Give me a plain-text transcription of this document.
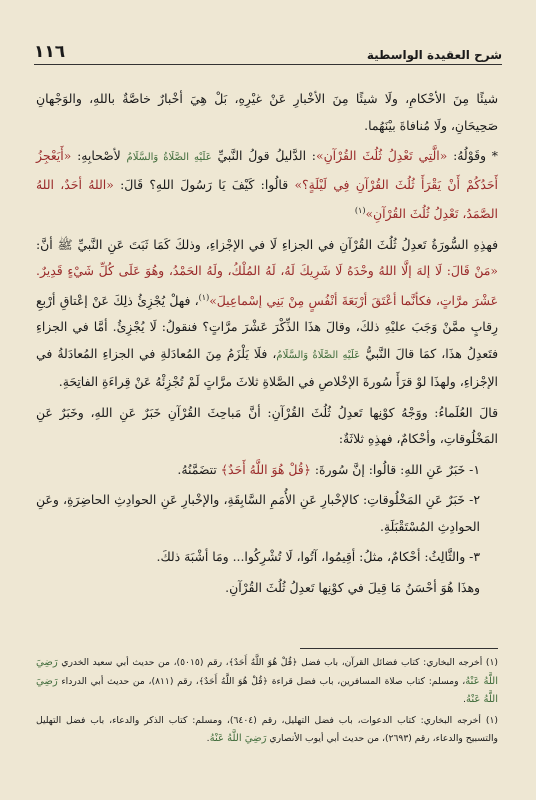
١١٦	شرح العقيدة الواسطية

شيئًا مِنَ الأحْكامِ، ولَا شيئًا مِنَ الأخْبارِ عَنْ غيْرِهِ، بَلْ هِيَ أخْبارٌ خاصَّةٌ باللهِ، والوَجْهانِ صَحِيحَانِ، ولَا مُنافاةَ بيْنَهُما.

* وقَوْلُهُ: «الَّتِي تَعْدِلُ ثُلُثَ القُرْآنِ»: الدَّليلُ قولُ النَّبيِّ عَلَيْهِ الصَّلَاةُ وَالسَّلَامُ لأصْحابِهِ: «أَيَعْجِزُ أَحَدُكُمْ أَنْ يَقْرَأَ ثُلُثَ القُرْآنِ فِي لَيْلَةٍ؟» قالُوا: كَيْفَ يَا رَسُولَ اللهِ؟ قَالَ: «اللهُ أحَدٌ، اللهُ الصَّمَدُ، تَعْدِلُ ثُلُثَ القُرْآنِ»$^{(١)}$

فهذِهِ السُّورَةُ تَعدِلُ ثُلُثَ القُرْآنِ في الجزاءِ لَا في الإجْزاءِ، وذلكَ كَمَا ثَبَتَ عَنِ النَّبيِّ ﷺ أنَّ: «مَنْ قَالَ: لَا إلهَ إلَّا اللهُ وحْدَهُ لَا شَرِيكَ لَهُ، لَهُ المُلْكُ، ولَهُ الحَمْدُ، وهُوَ عَلَى كُلِّ شَيْءٍ قَدِيرٌ. عَشْرَ مرَّاتٍ، فكأنَّما أعْتَقَ أرْبَعَةَ أنْفُسٍ مِنْ بَنِي إسْماعِيلَ»$^{(١)}$، فهلْ يُجْزِئُ ذلِكَ عَنْ إعْتاقِ أرْبعِ رِقابٍ ممَّنْ وَجَبَ عليْهِ ذلكَ، وقالَ هذَا الذِّكْرَ عَشْرَ مرَّاتٍ؟ فنقولُ: لَا يُجْزِئُ. أمَّا في الجزاءِ فتَعدِلُ هذَا، كمَا قالَ النَّبيُّ عَلَيْهِ الصَّلَاةُ وَالسَّلَامُ، فلَا يَلْزَمُ مِنَ المُعادَلةِ في الجزاءِ المُعادَلةُ في الإجْزاءِ، ولهذَا لوْ قرَأَ سُورةَ الإخْلاصِ في الصَّلاةِ ثلاثَ مرَّاتٍ لَمْ تُجْزِئْهُ عَنْ قِراءَةِ الفاتِحَةِ.

قالَ العُلَماءُ: ووَجْهُ كوْنِها تَعدِلُ ثُلُثَ القُرْآنِ: أنَّ مَباحِثَ القُرْآنِ خَبَرٌ عَنِ اللهِ، وخَبَرٌ عَنِ المَخْلُوقاتِ، وأحْكامٌ، فهذِهِ ثلاثَةٌ:

١- خَبَرٌ عَنِ اللهِ: قالُوا: إنَّ سُورةَ: ﴿قُلْ هُوَ اللَّهُ أَحَدٌ﴾ تتضَمَّنُهُ.

٢- خَبَرٌ عَنِ المَخْلُوقاتِ: كالإخْبارِ عَنِ الأُمَمِ السَّابِقَةِ، والإخْبارِ عَنِ الحوادِثِ الحاضِرَةِ، وعَنِ الحوادِثِ المُسْتَقْبَلَةِ.

٣- والثَّالِثُ: أحْكامٌ، مثلُ: أقِيمُوا، آتُوا، لَا تُشْرِكُوا... ومَا أشْبَهَ ذلكَ.

وهذَا هُوَ أحْسَنُ مَا قِيلَ في كوْنِها تَعدِلُ ثُلُثَ القُرْآنِ.

(١) أخرجه البخاري: كتاب فضائل القرآن، باب فضل ﴿قُلْ هُوَ اللَّهُ أَحَدٌ﴾، رقم (٥٠١٥)، من حديث أبي سعيد الخدري رَضِيَ اللَّهُ عَنْهُ، ومسلم: كتاب صلاة المسافرين، باب فضل قراءة ﴿قُلْ هُوَ اللَّهُ أَحَدٌ﴾، رقم (٨١١)، من حديث أبي الدرداء رَضِيَ اللَّهُ عَنْهُ.

(١) أخرجه البخاري: كتاب الدعوات، باب فضل التهليل، رقم (٦٤٠٤)، ومسلم: كتاب الذكر والدعاء، باب فضل التهليل والتسبيح والدعاء، رقم (٢٦٩٣)، من حديث أبي أيوب الأنصاري رَضِيَ اللَّهُ عَنْهُ.
